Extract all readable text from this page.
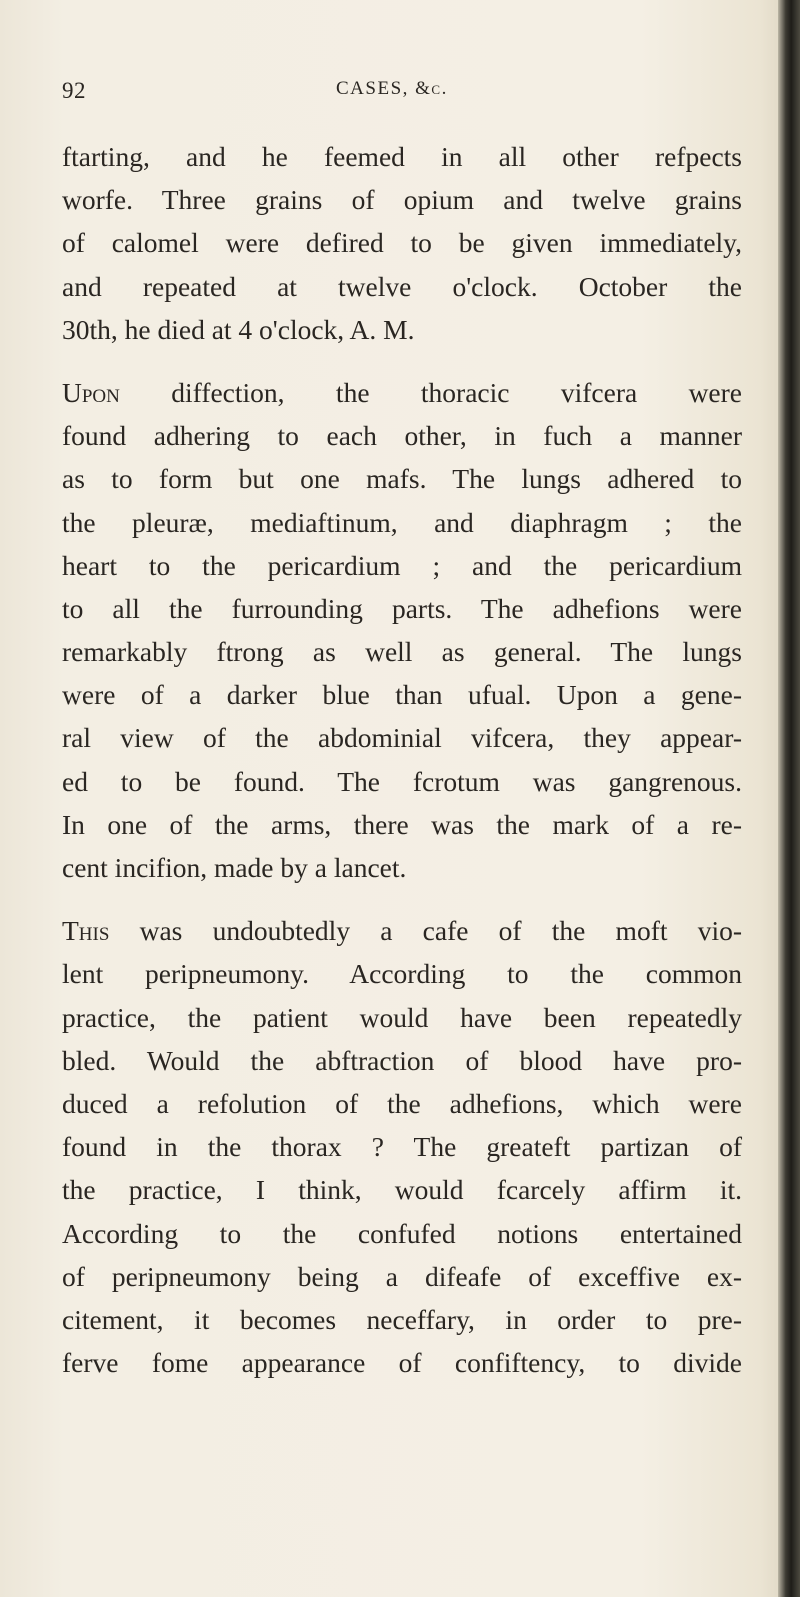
92	CASES, &c.
ftarting, and he feemed in all other refpects
worfe. Three grains of opium and twelve grains
of calomel were defired to be given immediately,
and repeated at twelve o'clock. October the
30th, he died at 4 o'clock, A. M.
Upon diffection, the thoracic vifcera were
found adhering to each other, in fuch a manner
as to form but one mafs. The lungs adhered to
the pleuræ, mediaftinum, and diaphragm ; the
heart to the pericardium ; and the pericardium
to all the furrounding parts. The adhefions were
remarkably ftrong as well as general. The lungs
were of a darker blue than ufual. Upon a gene-
ral view of the abdominial vifcera, they appear-
ed to be found. The fcrotum was gangrenous.
In one of the arms, there was the mark of a re-
cent incifion, made by a lancet.
This was undoubtedly a cafe of the moft vio-
lent peripneumony. According to the common
practice, the patient would have been repeatedly
bled. Would the abftraction of blood have pro-
duced a refolution of the adhefions, which were
found in the thorax ? The greateft partizan of
the practice, I think, would fcarcely affirm it.
According to the confufed notions entertained
of peripneumony being a difeafe of exceffive ex-
citement, it becomes neceffary, in order to pre-
ferve fome appearance of confiftency, to divide
